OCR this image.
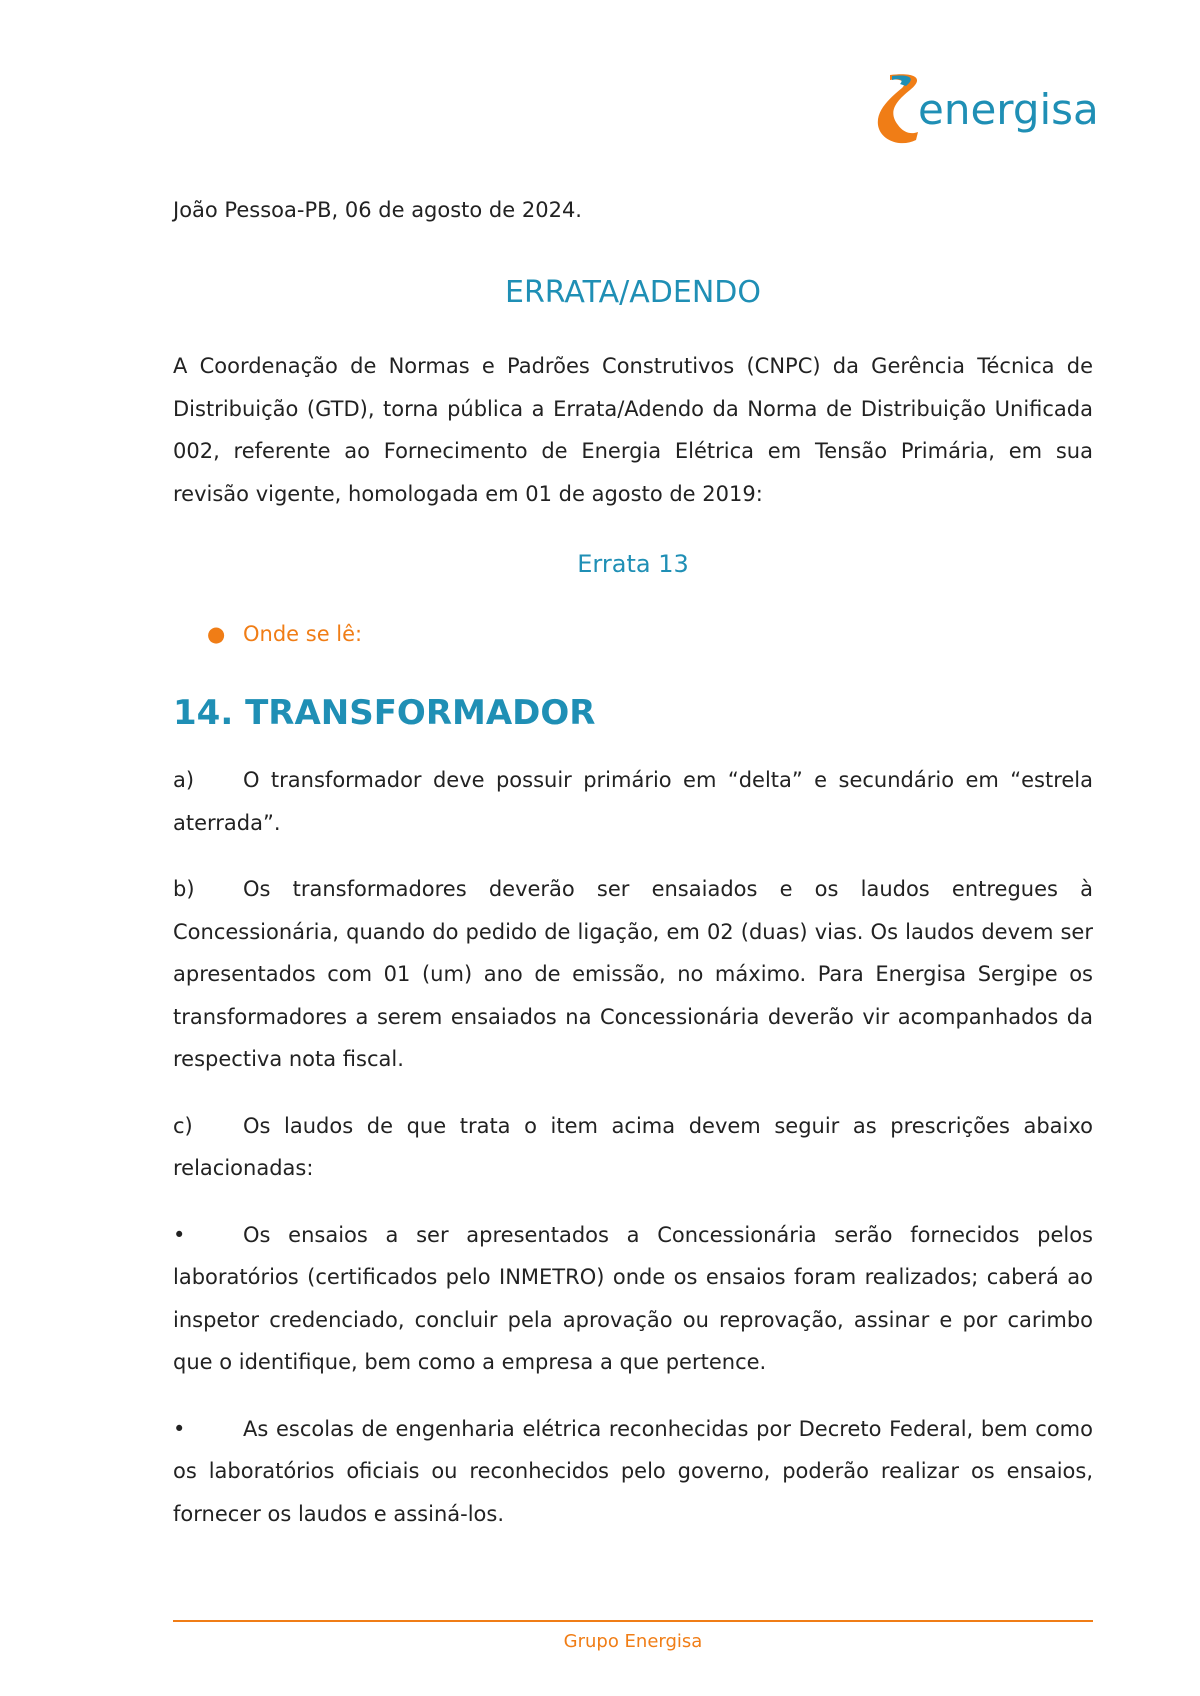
energisa

João Pessoa-PB, 06 de agosto de 2024.

ERRATA/ADENDO

A Coordenação de Normas e Padrões Construtivos (CNPC) da Gerência Técnica de Distribuição (GTD), torna pública a Errata/Adendo da Norma de Distribuição Unificada 002, referente ao Fornecimento de Energia Elétrica em Tensão Primária, em sua revisão vigente, homologada em 01 de agosto de 2019:

Errata 13
● Onde se lê:
14. TRANSFORMADOR

a) O transformador deve possuir primário em “delta” e secundário em “estrela aterrada”.

b) Os transformadores deverão ser ensaiados e os laudos entregues à Concessionária, quando do pedido de ligação, em 02 (duas) vias. Os laudos devem ser apresentados com 01 (um) ano de emissão, no máximo. Para Energisa Sergipe os transformadores a serem ensaiados na Concessionária deverão vir acompanhados da respectiva nota fiscal.

c) Os laudos de que trata o item acima devem seguir as prescrições abaixo relacionadas:

•	Os ensaios a ser apresentados a Concessionária serão fornecidos pelos laboratórios (certificados pelo INMETRO) onde os ensaios foram realizados; caberá ao inspetor credenciado, concluir pela aprovação ou reprovação, assinar e por carimbo que o identifique, bem como a empresa a que pertence.

•	As escolas de engenharia elétrica reconhecidas por Decreto Federal, bem como os laboratórios oficiais ou reconhecidos pelo governo, poderão realizar os ensaios, fornecer os laudos e assiná-los.

Grupo Energisa
